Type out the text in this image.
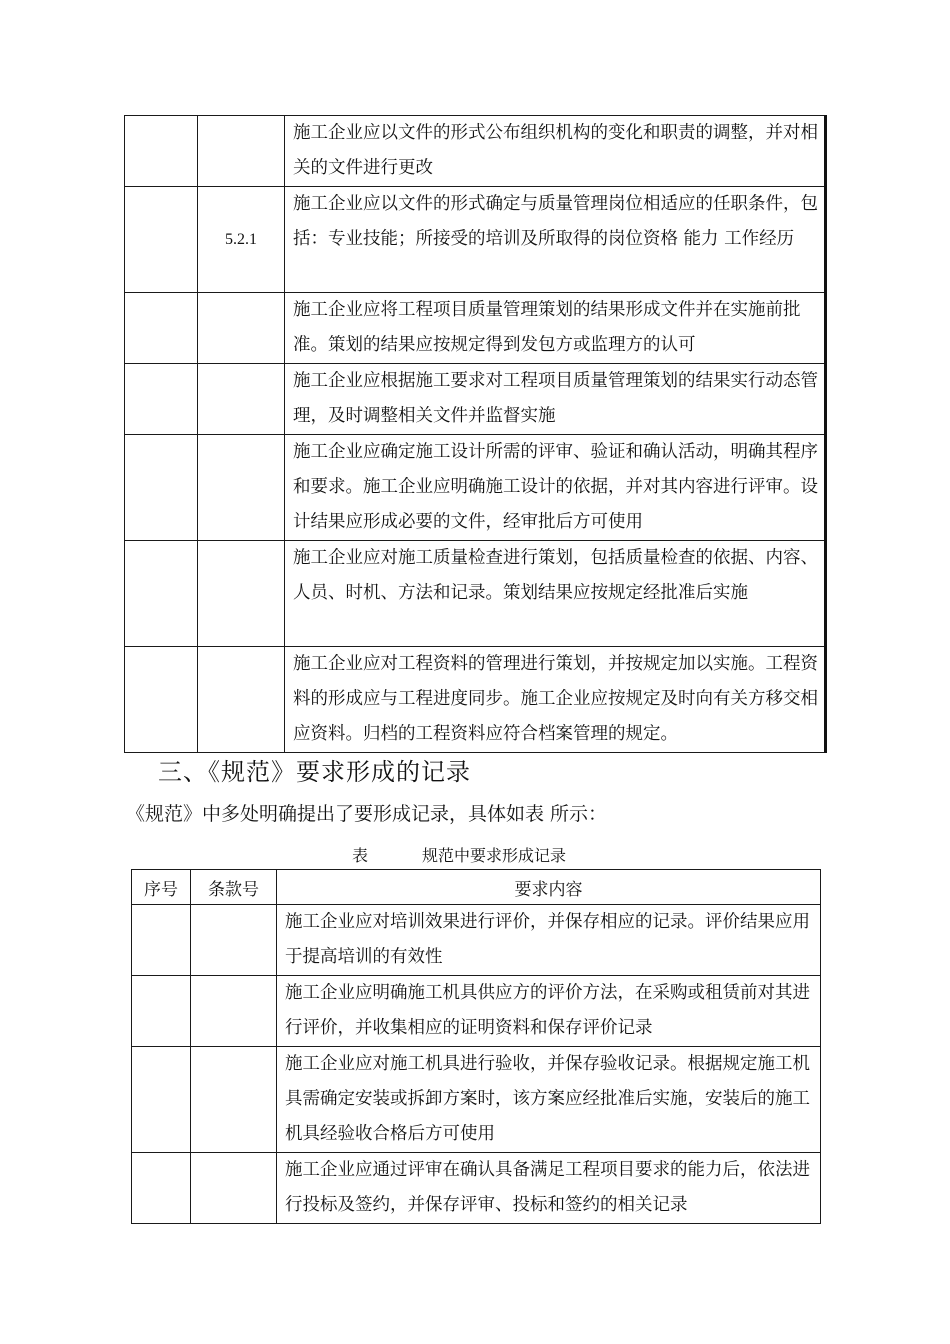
		施工企业应以文件的形式公布组织机构的变化和职责的调整，并对相关的文件进行更改

	5.2.1	施工企业应以文件的形式确定与质量管理岗位相适应的任职条件，包括：专业技能；所接受的培训及所取得的岗位资格 能力 工作经历

		施工企业应将工程项目质量管理策划的结果形成文件并在实施前批准。策划的结果应按规定得到发包方或监理方的认可

		施工企业应根据施工要求对工程项目质量管理策划的结果实行动态管理，及时调整相关文件并监督实施

		施工企业应确定施工设计所需的评审、验证和确认活动，明确其程序和要求。施工企业应明确施工设计的依据，并对其内容进行评审。设计结果应形成必要的文件，经审批后方可使用

		施工企业应对施工质量检查进行策划，包括质量检查的依据、内容、人员、时机、方法和记录。策划结果应按规定经批准后实施

		施工企业应对工程资料的管理进行策划，并按规定加以实施。工程资料的形成应与工程进度同步。施工企业应按规定及时向有关方移交相应资料。归档的工程资料应符合档案管理的规定。
三、《规范》要求形成的记录
《规范》中多处明确提出了要形成记录，具体如表 所示：
表	规范中要求形成记录
序号	条款号	要求内容

		施工企业应对培训效果进行评价，并保存相应的记录。评价结果应用于提高培训的有效性

		施工企业应明确施工机具供应方的评价方法，在采购或租赁前对其进行评价，并收集相应的证明资料和保存评价记录

		施工企业应对施工机具进行验收，并保存验收记录。根据规定施工机具需确定安装或拆卸方案时，该方案应经批准后实施，安装后的施工机具经验收合格后方可使用

		施工企业应通过评审在确认具备满足工程项目要求的能力后，依法进行投标及签约，并保存评审、投标和签约的相关记录
